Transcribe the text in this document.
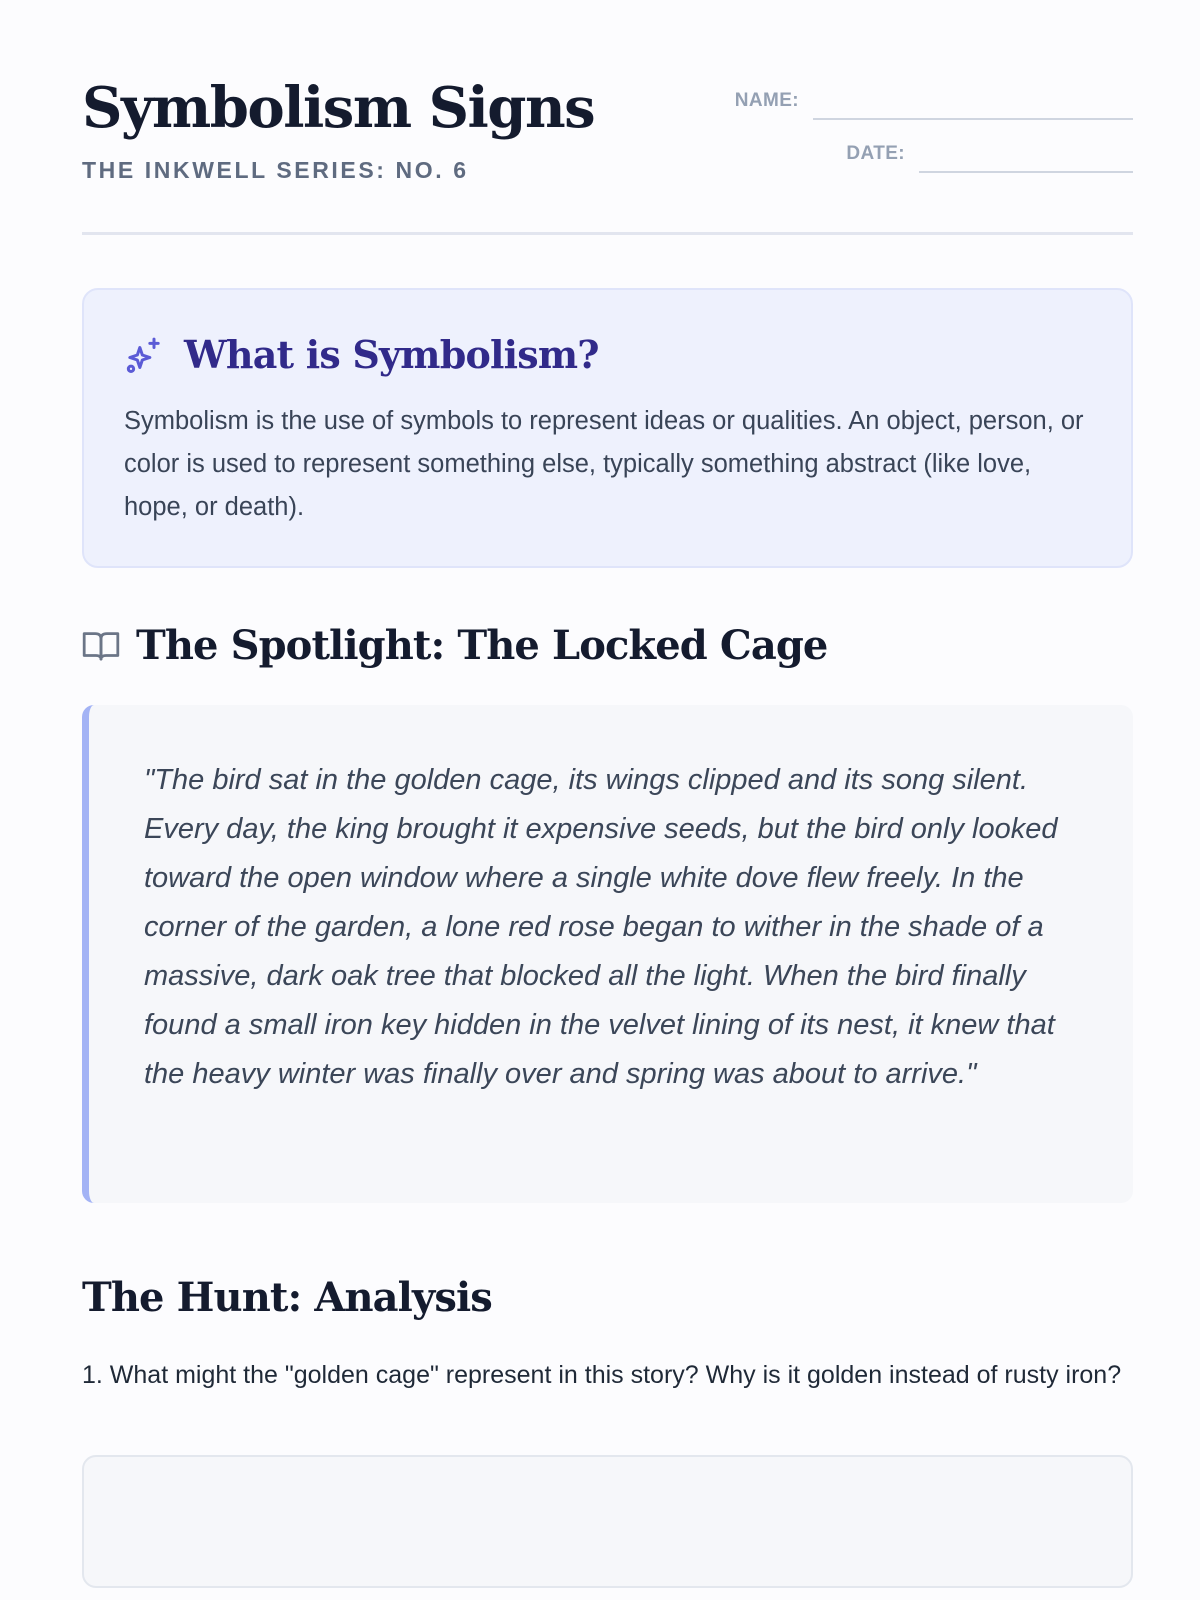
Symbolism Signs
THE INKWELL SERIES: NO. 6
NAME:
DATE:
What is Symbolism?

Symbolism is the use of symbols to represent ideas or qualities. An object, person, or color is used to represent something else, typically something abstract (like love, hope, or death).

The Spotlight: The Locked Cage

"The bird sat in the golden cage, its wings clipped and its song silent. Every day, the king brought it expensive seeds, but the bird only looked toward the open window where a single white dove flew freely. In the corner of the garden, a lone red rose began to wither in the shade of a massive, dark oak tree that blocked all the light. When the bird finally found a small iron key hidden in the velvet lining of its nest, it knew that the heavy winter was finally over and spring was about to arrive."

The Hunt: Analysis

1. What might the "golden cage" represent in this story? Why is it golden instead of rusty iron?
